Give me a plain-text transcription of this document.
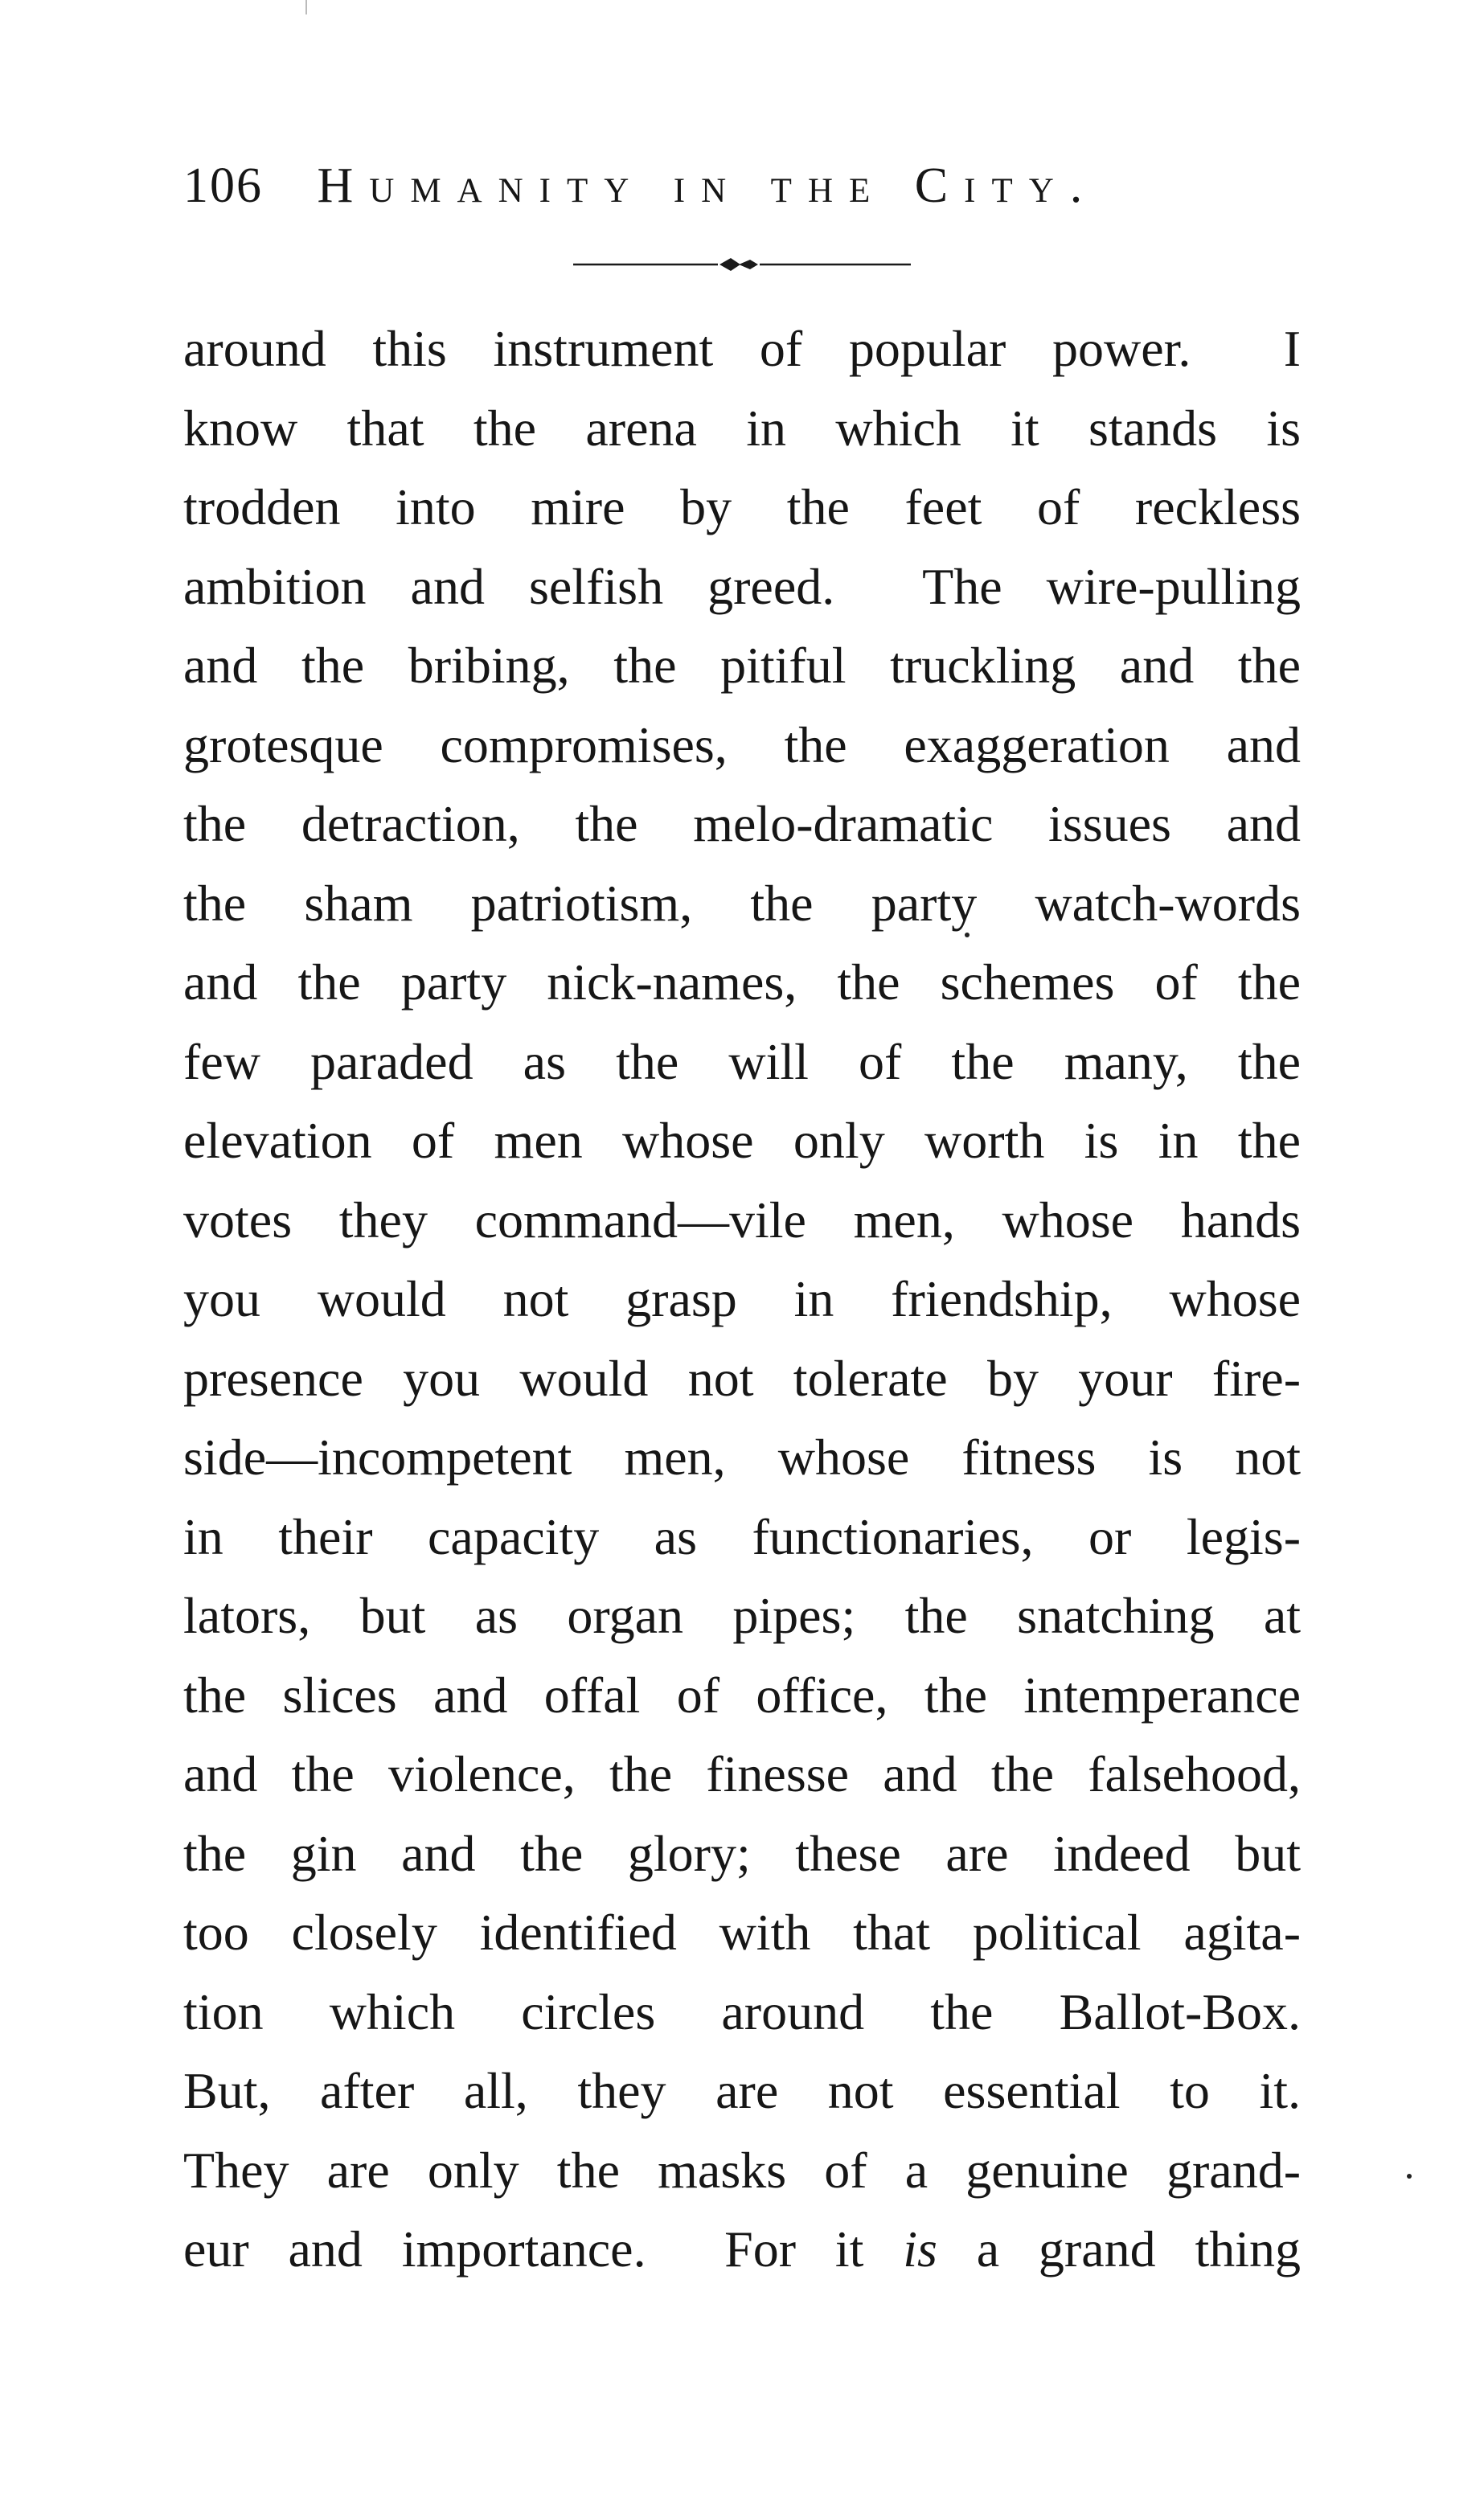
106 Humanity in the City.
around this instrument of popular power.  I
know that the arena in which it stands is
trodden into mire by the feet of reckless
ambition and selfish greed.  The wire-pulling
and the bribing, the pitiful truckling and the
grotesque compromises, the exaggeration and
the detraction, the melo-dramatic issues and
the sham patriotism, the party watch-words
and the party nick-names, the schemes of the
few paraded as the will of the many, the
elevation of men whose only worth is in the
votes they command—vile men, whose hands
you would not grasp in friendship, whose
presence you would not tolerate by your fire-
side—incompetent men, whose fitness is not
in their capacity as functionaries, or legis-
lators, but as organ pipes; the snatching at
the slices and offal of office, the intemperance
and the violence, the finesse and the falsehood,
the gin and the glory; these are indeed but
too closely identified with that political agita-
tion which circles around the Ballot-Box.
But, after all, they are not essential to it.
They are only the masks of a genuine grand-
eur and importance.  For it is a grand thing
